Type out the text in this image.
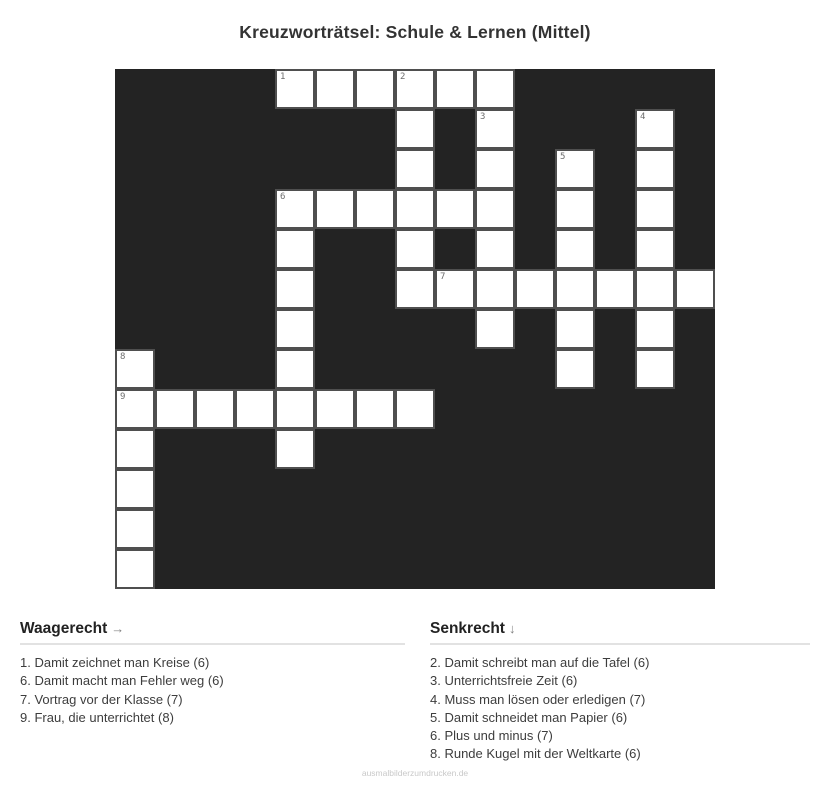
Kreuzworträtsel: Schule & Lernen (Mittel)
1	2
3	4
5
6
7
8
9
Waagerecht →
1. Damit zeichnet man Kreise (6)
6. Damit macht man Fehler weg (6)
7. Vortrag vor der Klasse (7)
9. Frau, die unterrichtet (8)
Senkrecht ↓
2. Damit schreibt man auf die Tafel (6)
3. Unterrichtsfreie Zeit (6)
4. Muss man lösen oder erledigen (7)
5. Damit schneidet man Papier (6)
6. Plus und minus (7)
8. Runde Kugel mit der Weltkarte (6)
ausmalbilderzumdrucken.de
